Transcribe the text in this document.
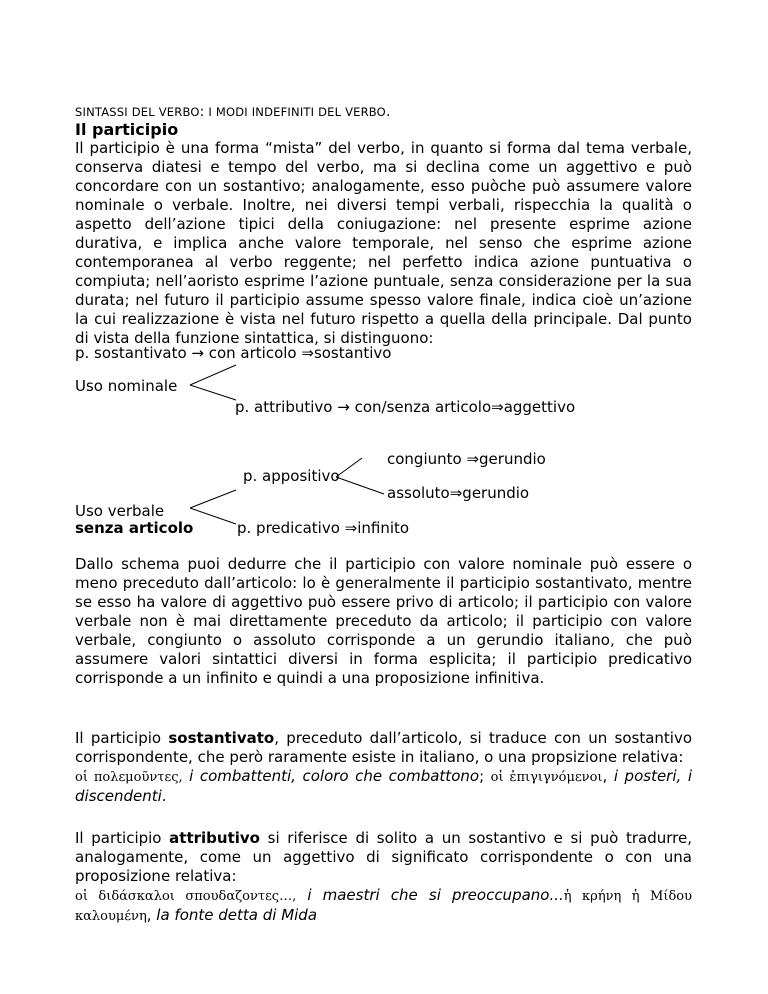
SINTASSI DEL VERBO: I MODI INDEFINITI DEL VERBO.
Il participio
Il participio è una forma “mista” del verbo, in quanto si forma dal tema verbale, conserva diatesi e tempo del verbo, ma si declina come un aggettivo e può concordare con un sostantivo; analogamente, esso puòche può assumere valore nominale o verbale. Inoltre, nei diversi tempi verbali, rispecchia la qualità o aspetto dell’azione tipici della coniugazione: nel presente esprime azione durativa, e implica anche valore temporale, nel senso che esprime azione contemporanea al verbo reggente; nel perfetto indica azione puntuativa o compiuta; nell’aoristo esprime l’azione puntuale, senza considerazione per la sua durata; nel futuro il participio assume spesso valore finale, indica cioè un’azione la cui realizzazione è vista nel futuro rispetto a quella della principale. Dal punto di vista della funzione sintattica, si distinguono:
p. sostantivato → con articolo ⇒sostantivo
Uso nominale
p. attributivo → con/senza articolo⇒aggettivo
congiunto ⇒gerundio
p. appositivo
assoluto⇒gerundio
Uso verbale
senza articolo	p. predicativo ⇒infinito
Dallo schema puoi dedurre che il participio con valore nominale può essere o meno preceduto dall’articolo: lo è generalmente il participio sostantivato, mentre se esso ha valore di aggettivo può essere privo di articolo; il participio con valore verbale non è mai direttamente preceduto da articolo; il participio con valore verbale, congiunto o assoluto corrisponde a un gerundio italiano, che può assumere valori sintattici diversi in forma esplicita; il participio predicativo corrisponde a un infinito e quindi a una proposizione infinitiva.
Il participio sostantivato, preceduto dall’articolo, si traduce con un sostantivo corrispondente, che però raramente esiste in italiano, o una propsizione relativa:
οἱ πολεμοῦντες, i combattenti, coloro che combattono; οἱ ἐπιγιγνόμενοι, i posteri, i discendenti.
Il participio attributivo si riferisce di solito a un sostantivo e si può tradurre, analogamente, come un aggettivo di significato corrispondente o con una proposizione relativa:
οἱ διδάσκαλοι σπουδαζοντες…, i maestri che si preoccupano...ἡ κρήνη ἡ Μίδου καλουμένη, la fonte detta di Mida
